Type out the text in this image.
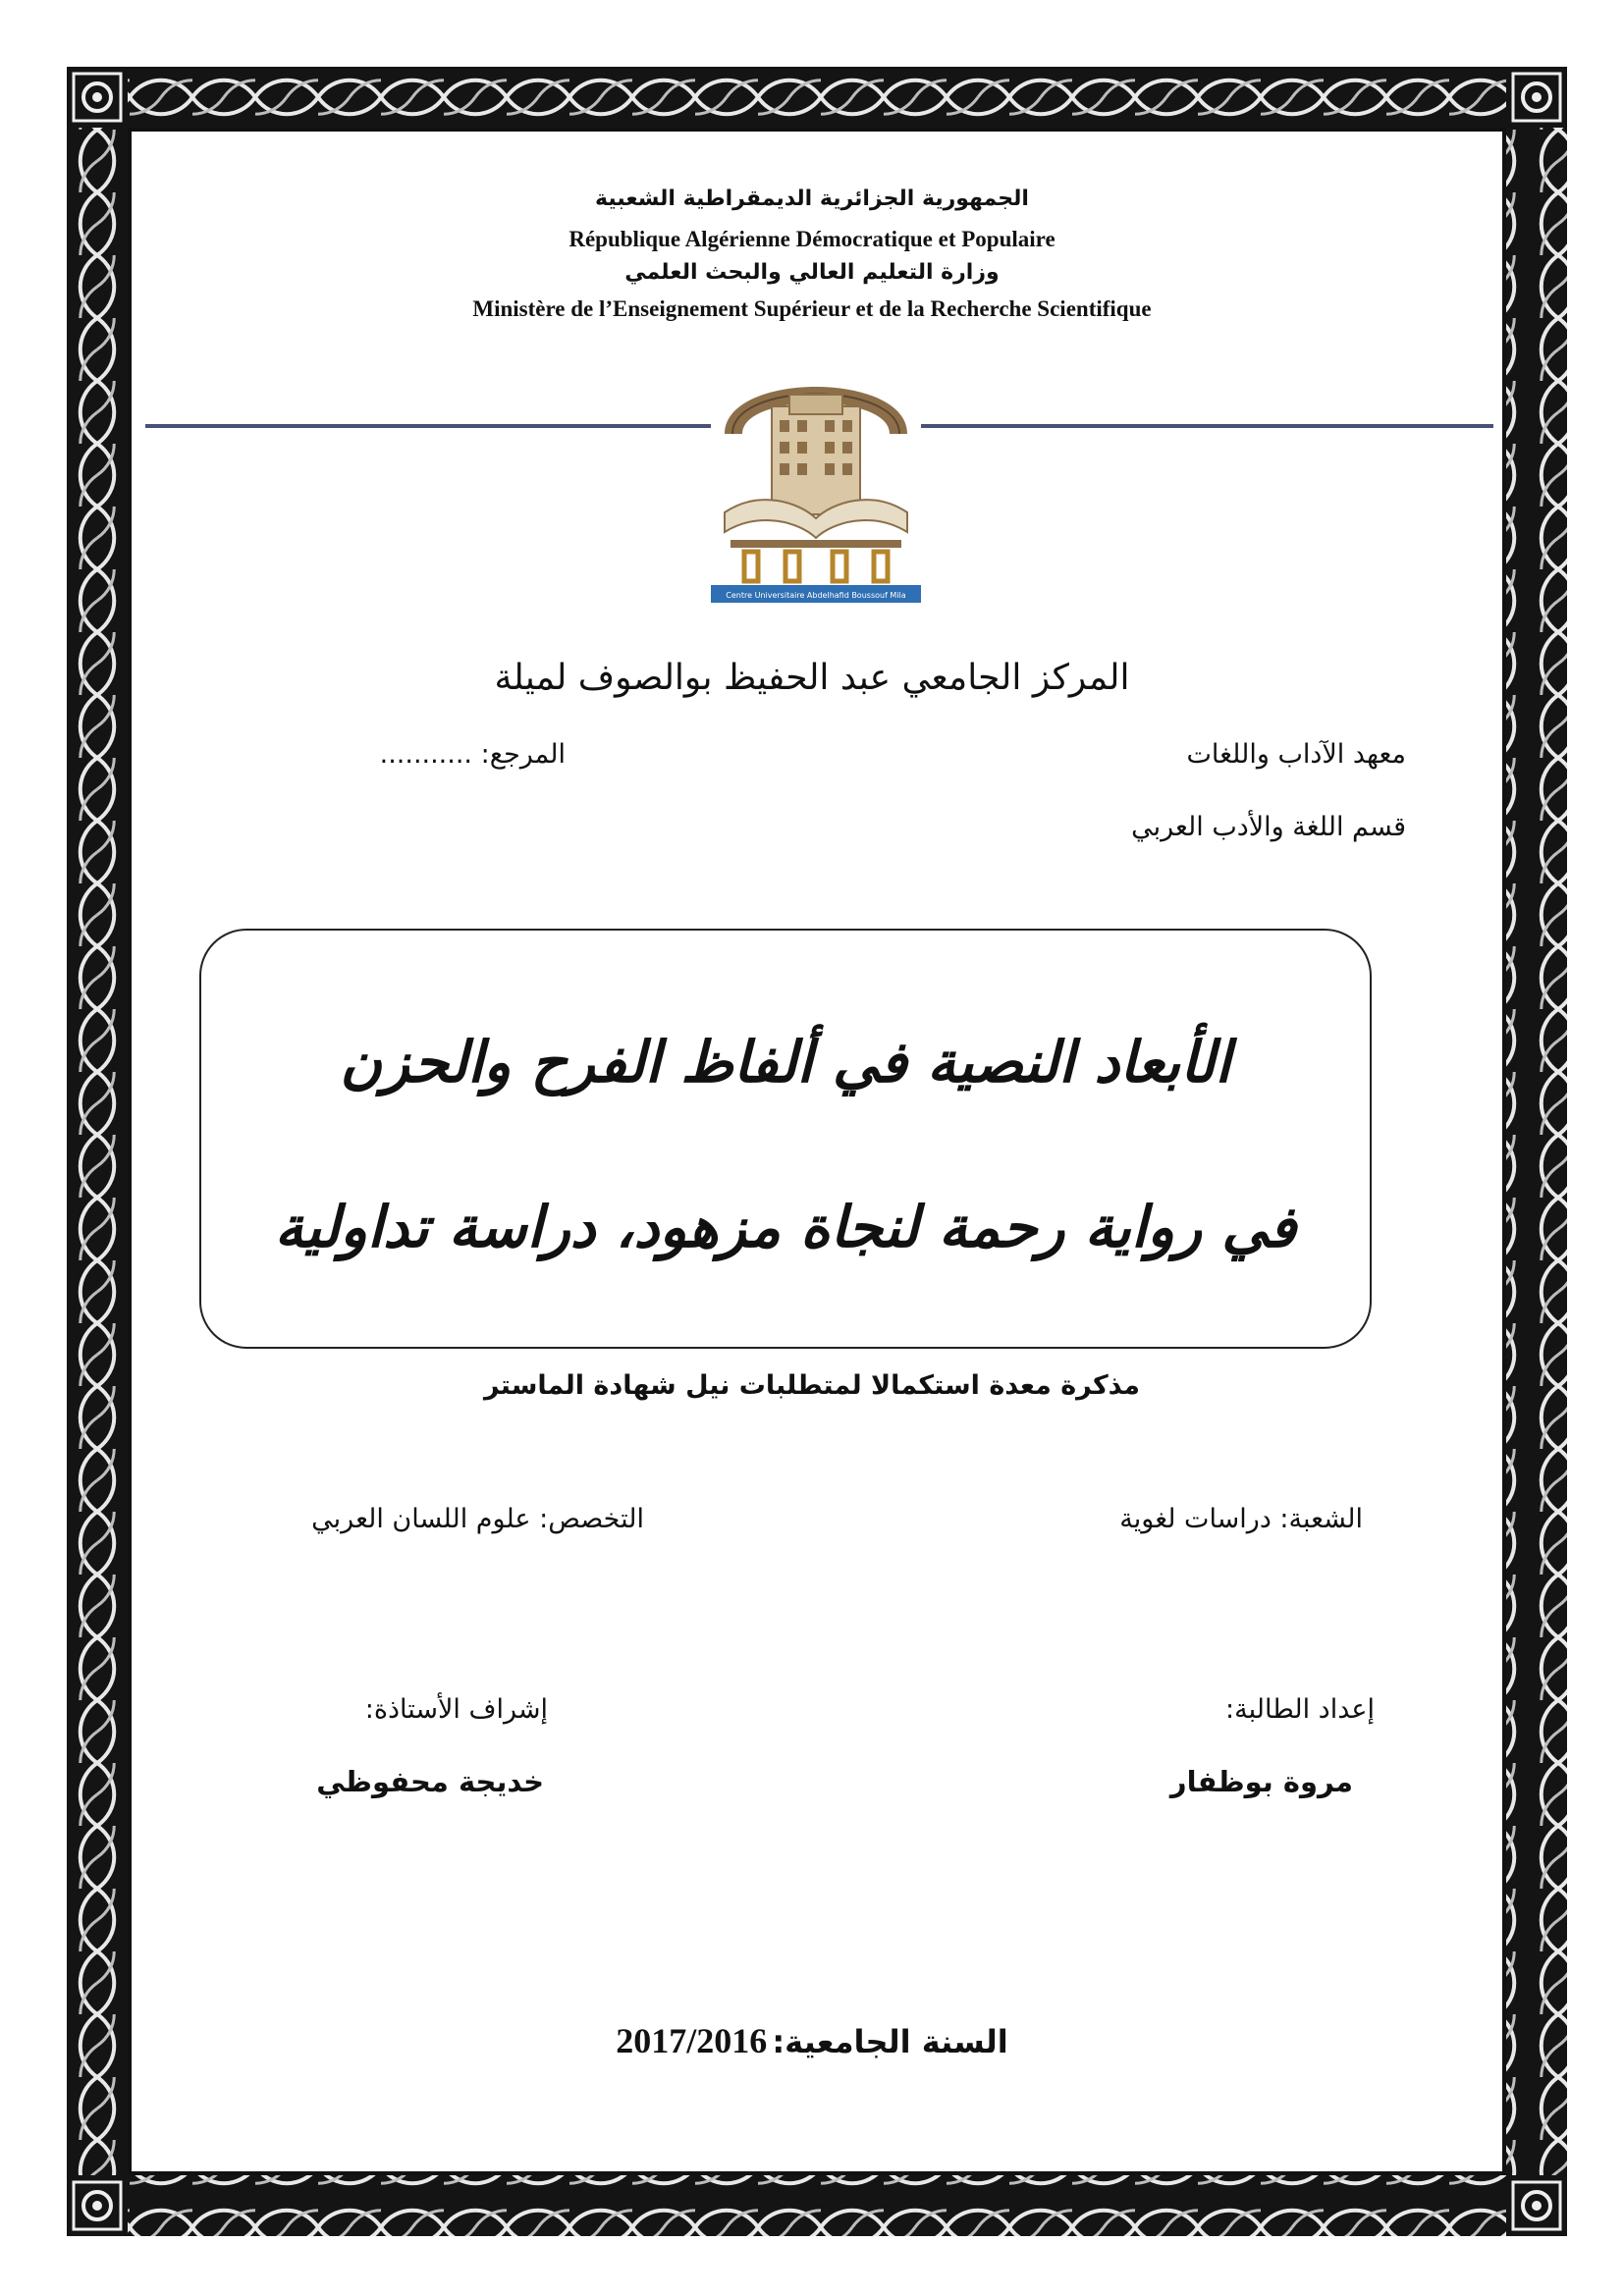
الجمهورية الجزائرية الديمقراطية الشعبية
République Algérienne Démocratique et Populaire
وزارة التعليم العالي والبحث العلمي
Ministère de l’Enseignement Supérieur et de la Recherche Scientifique
Centre Universitaire Abdelhafid Boussouf Mila
المركز الجامعي عبد الحفيظ بوالصوف لميلة
معهد الآداب واللغات
المرجع: ...........
قسم اللغة والأدب العربي
الأبعاد النصية في ألفاظ الفرح والحزن
في رواية رحمة لنجاة مزهود، دراسة تداولية
مذكرة معدة استكمالا لمتطلبات نيل شهادة الماستر
الشعبة: دراسات لغوية
التخصص: علوم اللسان العربي
إعداد الطالبة:
مروة بوظفار
إشراف الأستاذة:
خديجة محفوظي
السنة الجامعية: 2017/2016
